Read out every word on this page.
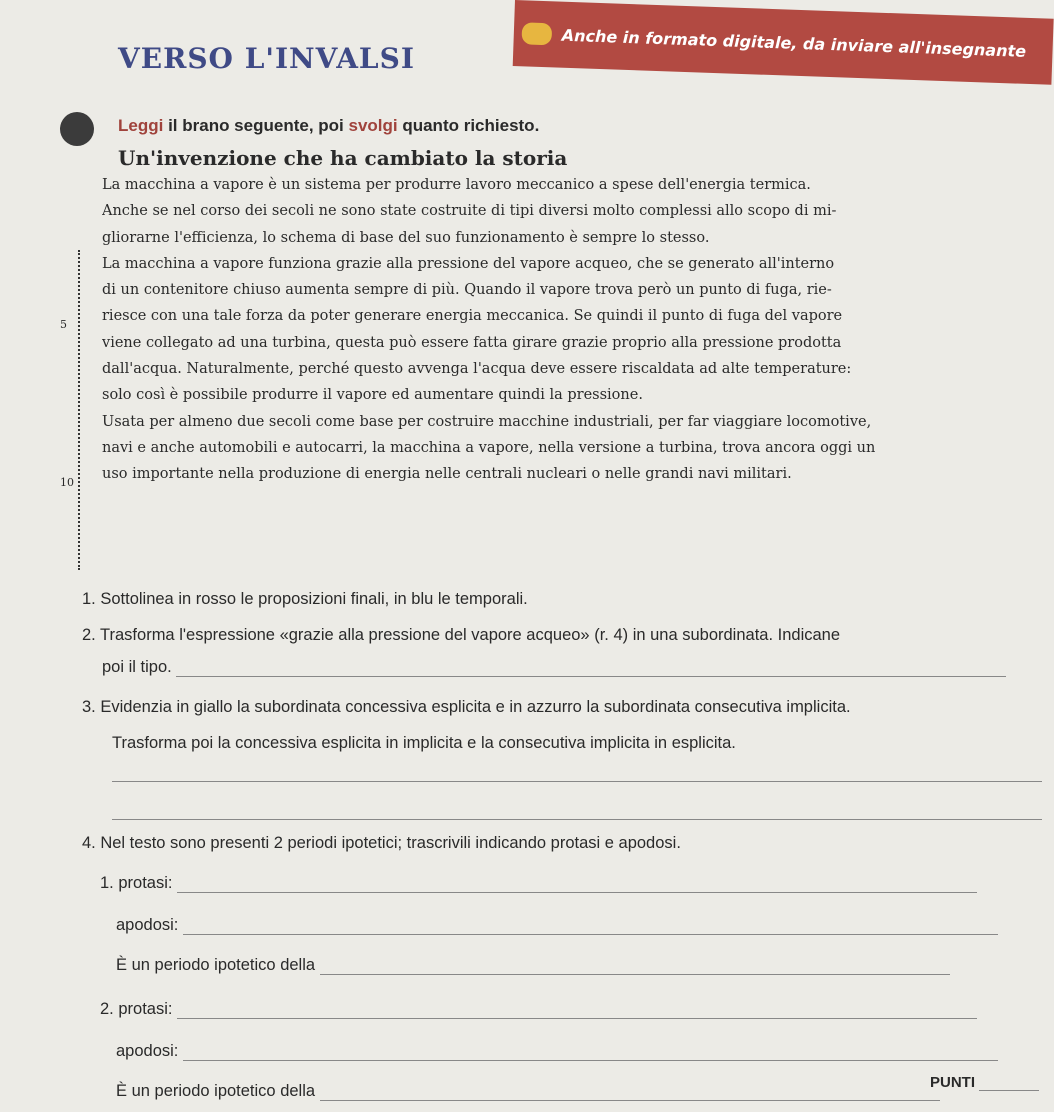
Anche in formato digitale, da inviare all'insegnante
VERSO L'INVALSI
Leggi il brano seguente, poi svolgi quanto richiesto.
Un'invenzione che ha cambiato la storia
5
10
La macchina a vapore è un sistema per produrre lavoro meccanico a spese dell'energia termica.
Anche se nel corso dei secoli ne sono state costruite di tipi diversi molto complessi allo scopo di mi-
gliorarne l'efficienza, lo schema di base del suo funzionamento è sempre lo stesso.
La macchina a vapore funziona grazie alla pressione del vapore acqueo, che se generato all'interno
di un contenitore chiuso aumenta sempre di più. Quando il vapore trova però un punto di fuga, rie-
riesce con una tale forza da poter generare energia meccanica. Se quindi il punto di fuga del vapore
viene collegato ad una turbina, questa può essere fatta girare grazie proprio alla pressione prodotta
dall'acqua. Naturalmente, perché questo avvenga l'acqua deve essere riscaldata ad alte temperature:
solo così è possibile produrre il vapore ed aumentare quindi la pressione.
Usata per almeno due secoli come base per costruire macchine industriali, per far viaggiare locomotive,
navi e anche automobili e autocarri, la macchina a vapore, nella versione a turbina, trova ancora oggi un
uso importante nella produzione di energia nelle centrali nucleari o nelle grandi navi militari.
1. Sottolinea in rosso le proposizioni finali, in blu le temporali.
2. Trasforma l'espressione «grazie alla pressione del vapore acqueo» (r. 4) in una subordinata. Indicane
poi il tipo.
3. Evidenzia in giallo la subordinata concessiva esplicita e in azzurro la subordinata consecutiva implicita.
Trasforma poi la concessiva esplicita in implicita e la consecutiva implicita in esplicita.
4. Nel testo sono presenti 2 periodi ipotetici; trascrivili indicando protasi e apodosi.
1. protasi:
apodosi:
È un periodo ipotetico della
2. protasi:
apodosi:
È un periodo ipotetico della	PUNTI
